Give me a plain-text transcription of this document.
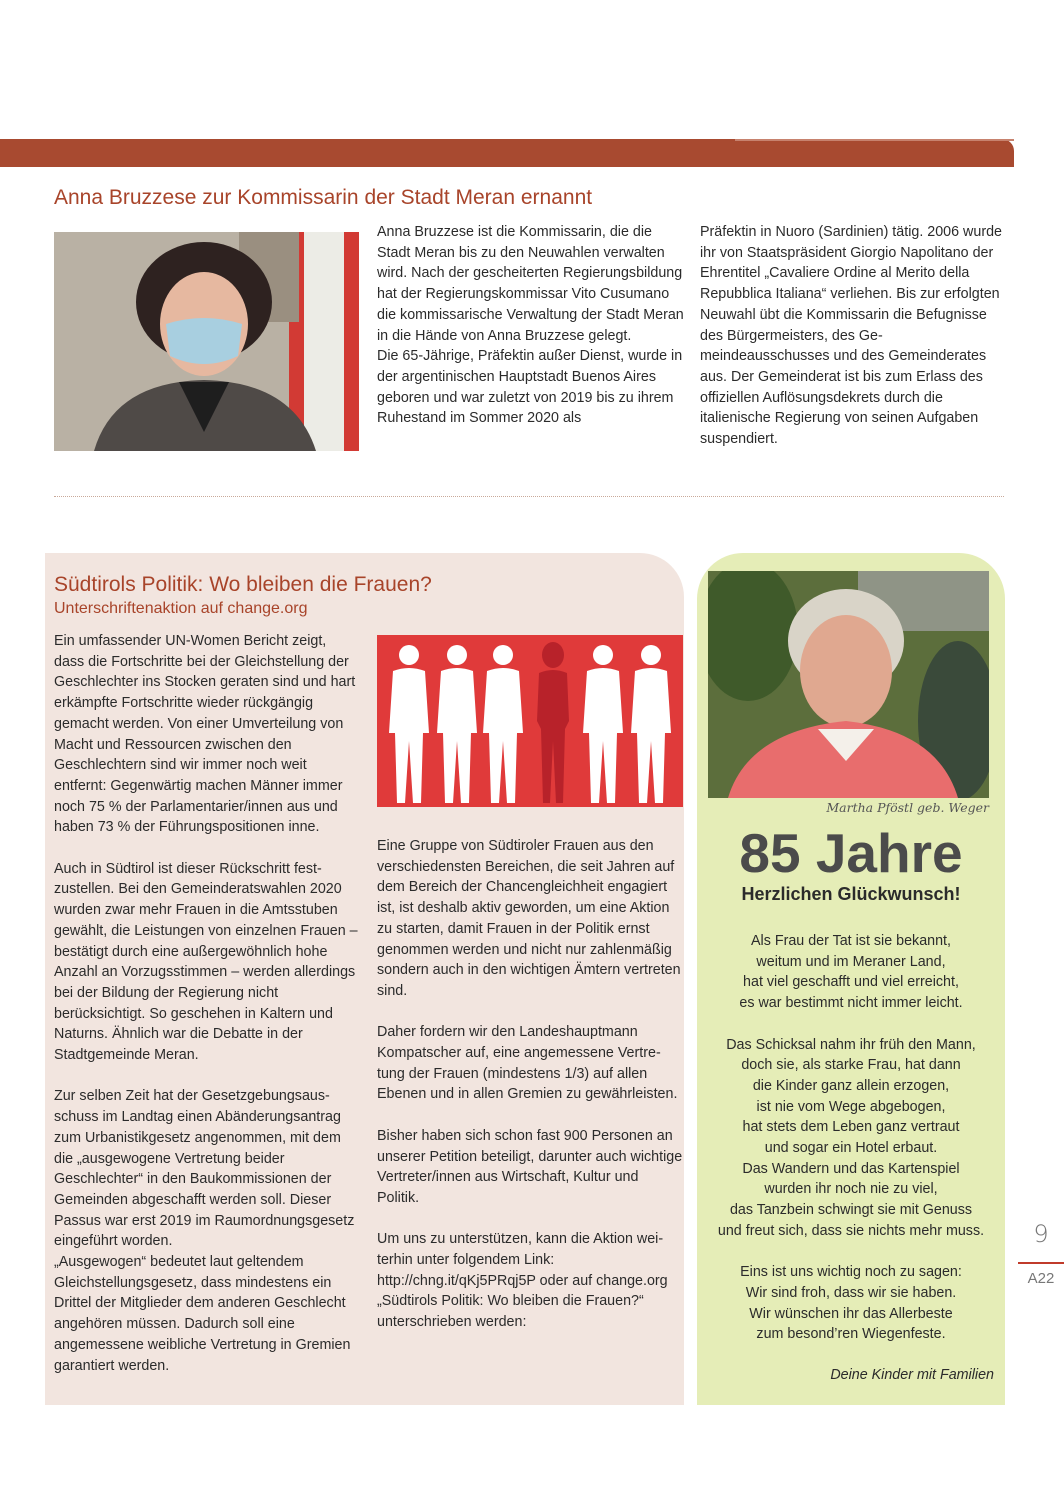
Anna Bruzzese zur Kommissarin der Stadt Meran ernannt

Anna Bruzzese ist die Kommissarin, die die Stadt Meran bis zu den Neuwahlen verwalten wird. Nach der gescheiterten Regierungsbildung hat der Regierungskommissar Vito Cusumano die kommissarische Verwaltung der Stadt Meran in die Hände von Anna Bruzzese gelegt.

Die 65-Jährige, Präfektin außer Dienst, wurde in der argentinischen Hauptstadt Buenos Aires geboren und war zuletzt von 2019 bis zu ihrem Ruhestand im Sommer 2020 als

Präfektin in Nuoro (Sardinien) tätig. 2006 wurde ihr von Staatspräsident Giorgio Napolitano der Ehrentitel „Cavaliere Ordine al Merito della Repubblica Italiana“ verliehen. Bis zur erfolgten Neuwahl übt die Kommissarin die Befugnisse des Bürgermeisters, des Gemeindeausschusses und des Gemeinderates aus. Der Gemeinderat ist bis zum Erlass des offiziellen Auflösungsdekrets durch die italienische Regierung von seinen Aufgaben suspendiert.

Südtirols Politik: Wo bleiben die Frauen?
Unterschriftenaktion auf change.org

Ein umfassender UN-Women Bericht zeigt, dass die Fortschritte bei der Gleichstellung der Geschlechter ins Stocken geraten sind und hart erkämpfte Fortschritte wieder rückgängig gemacht werden. Von einer Umverteilung von Macht und Ressourcen zwischen den Geschlechtern sind wir immer noch weit entfernt: Gegenwärtig machen Männer immer noch 75 % der Parlamentarier/innen aus und haben 73 % der Führungspositionen inne.

Auch in Südtirol ist dieser Rückschritt festzustellen. Bei den Gemeinderatswahlen 2020 wurden zwar mehr Frauen in die Amtsstuben gewählt, die Leistungen von einzelnen Frauen – bestätigt durch eine außergewöhnlich hohe Anzahl an Vorzugsstimmen – werden allerdings bei der Bildung der Regierung nicht berücksichtigt. So geschehen in Kaltern und Naturns. Ähnlich war die Debatte in der Stadtgemeinde Meran.

Zur selben Zeit hat der Gesetzgebungsausschuss im Landtag einen Abänderungsantrag zum Urbanistikgesetz angenommen, mit dem die „ausgewogene Vertretung beider Geschlechter“ in den Baukommissionen der Gemeinden abgeschafft werden soll. Dieser Passus war erst 2019 im Raumordnungsgesetz eingeführt worden.
„Ausgewogen“ bedeutet laut geltendem Gleichstellungsgesetz, dass mindestens ein Drittel der Mitglieder dem anderen Geschlecht angehören müssen. Dadurch soll eine angemessene weibliche Vertretung in Gremien garantiert werden.

Eine Gruppe von Südtiroler Frauen aus den verschiedensten Bereichen, die seit Jahren auf dem Bereich der Chancengleichheit engagiert ist, ist deshalb aktiv geworden, um eine Aktion zu starten, damit Frauen in der Politik ernst genommen werden und nicht nur zahlenmäßig sondern auch in den wichtigen Ämtern vertreten sind.

Daher fordern wir den Landeshauptmann Kompatscher auf, eine angemessene Vertretung der Frauen (mindestens 1/3) auf allen Ebenen und in allen Gremien zu gewährleisten.

Bisher haben sich schon fast 900 Personen an unserer Petition beteiligt, darunter auch wichtige Vertreter/innen aus Wirtschaft, Kultur und Politik.

Um uns zu unterstützen, kann die Aktion weiterhin unter folgendem Link:
http://chng.it/qKj5PRqj5P oder auf change.org „Südtirols Politik: Wo bleiben die Frauen?“ unterschrieben werden:

Martha Pföstl geb. Weger
85 Jahre
Herzlichen Glückwunsch!
Als Frau der Tat ist sie bekannt,
weitum und im Meraner Land,
hat viel geschafft und viel erreicht,
es war bestimmt nicht immer leicht.
Das Schicksal nahm ihr früh den Mann,
doch sie, als starke Frau, hat dann
die Kinder ganz allein erzogen,
ist nie vom Wege abgebogen,
hat stets dem Leben ganz vertraut
und sogar ein Hotel erbaut.
Das Wandern und das Kartenspiel
wurden ihr noch nie zu viel,
das Tanzbein schwingt sie mit Genuss
und freut sich, dass sie nichts mehr muss.
Eins ist uns wichtig noch zu sagen:
Wir sind froh, dass wir sie haben.
Wir wünschen ihr das Allerbeste
zum besond’ren Wiegenfeste.
Deine Kinder mit Familien
9
A22
